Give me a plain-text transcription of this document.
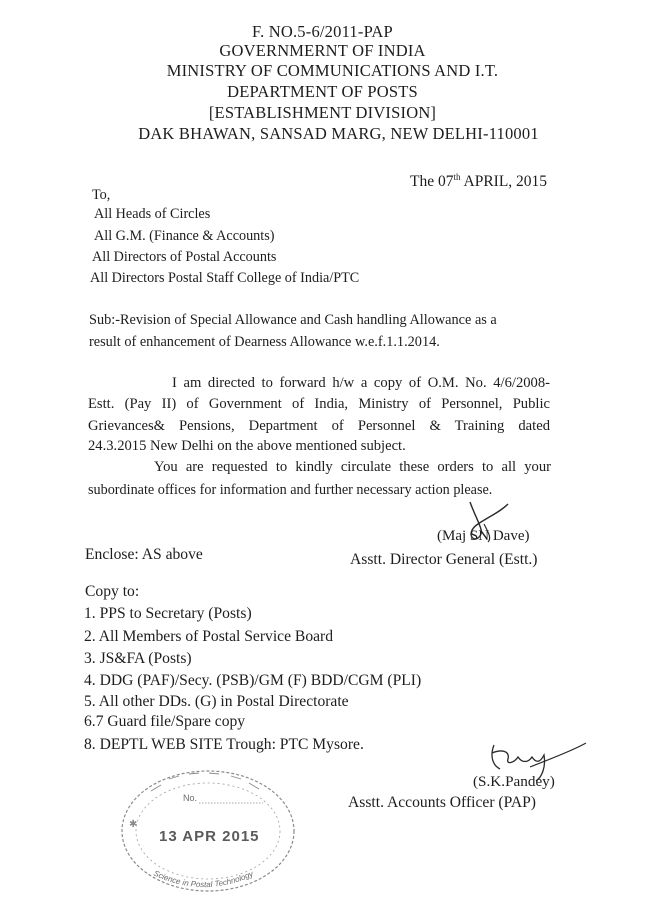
F. NO.5-6/2011-PAP
GOVERNMERNT OF INDIA
MINISTRY OF COMMUNICATIONS AND I.T.
DEPARTMENT OF POSTS
[ESTABLISHMENT DIVISION]
DAK BHAWAN, SANSAD MARG, NEW DELHI-110001
The 07th APRIL, 2015
To,
All Heads of Circles
All G.M. (Finance & Accounts)
All Directors of Postal Accounts
All Directors Postal Staff College of India/PTC
Sub:-Revision of Special Allowance and Cash handling Allowance as a
result of enhancement of Dearness Allowance w.e.f.1.1.2014.
I am directed to forward h/w a copy of O.M. No. 4/6/2008-
Estt. (Pay II) of Government of India, Ministry of Personnel, Public
Grievances& Pensions, Department of Personnel & Training dated
24.3.2015 New Delhi on the above mentioned subject.
You are requested to kindly circulate these orders to all your
subordinate offices for information and further necessary action please.
(Maj SN Dave)
Asstt. Director General (Estt.)
Enclose: AS above
Copy to:
1. PPS to Secretary (Posts)
2. All Members of Postal Service Board
3. JS&FA (Posts)
4. DDG (PAF)/Secy. (PSB)/GM (F) BDD/CGM (PLI)
5. All other DDs. (G) in Postal Directorate
6.7 Guard file/Spare copy
8. DEPTL WEB SITE Trough: PTC Mysore.
(S.K.Pandey)
Asstt. Accounts Officer (PAP)
No.
13 APR 2015
Science in Postal Technology
✱
